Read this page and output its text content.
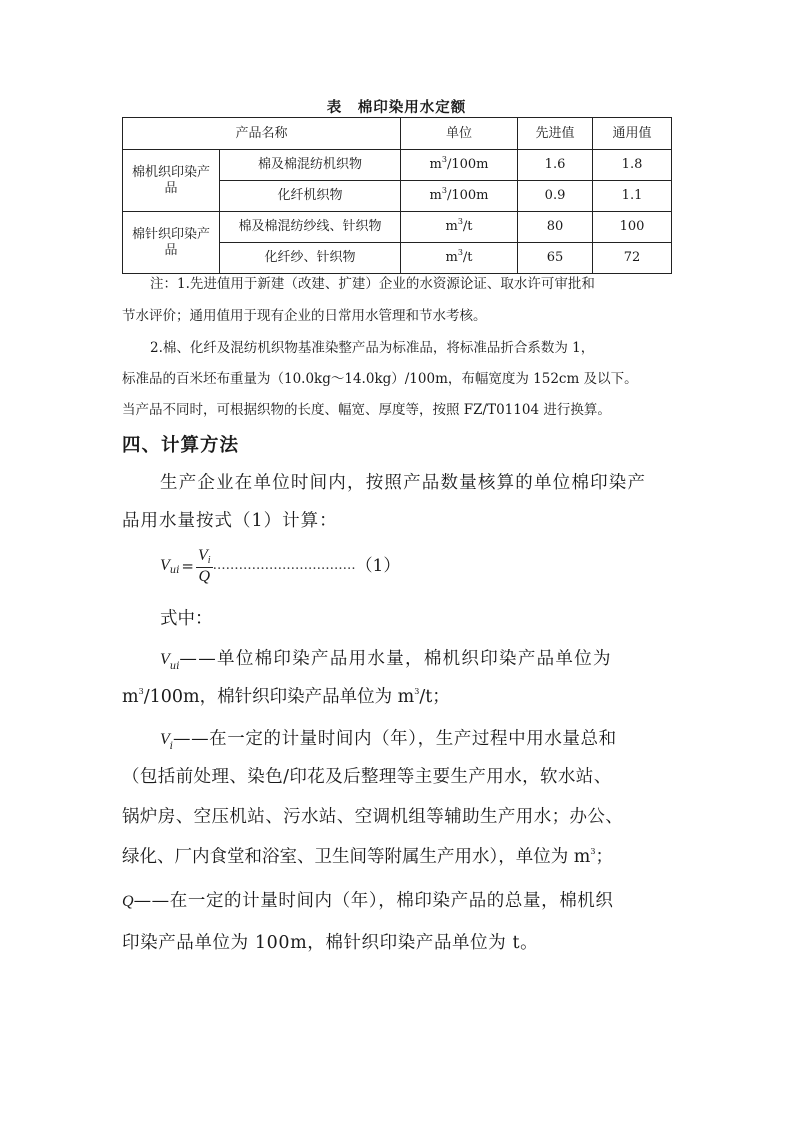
表　棉印染用水定额
产品名称		单位	先进值	通用值
棉机织印染产品	棉及棉混纺机织物	$m^3/100m$	1.6	1.8
	化纤机织物	$m^3/100m$	0.9	1.1
棉针织印染产品	棉及棉混纺纱线、针织物	$m^3/t$	80	100
	化纤纱、针织物	$m^3/t$	65	72
注：1.先进值用于新建（改建、扩建）企业的水资源论证、取水许可审批和
节水评价；通用值用于现有企业的日常用水管理和节水考核。
2.棉、化纤及混纺机织物基准染整产品为标准品，将标准品折合系数为 1，
标准品的百米坯布重量为（10.0kg～14.0kg）/100m，布幅宽度为 152cm 及以下。
当产品不同时，可根据织物的长度、幅宽、厚度等，按照 FZ/T01104 进行换算。
四、计算方法
生产企业在单位时间内，按照产品数量核算的单位棉印染产
品用水量按式（1）计算：
V ui = $\frac{Vi}{Q}$ …………………………… （1）
式中：
$V_{ui}——$单位棉印染产品用水量，棉机织印染产品单位为
$m^3/100m$，棉针织印染产品单位为 $m^3/t$；
$V_i——$在一定的计量时间内（年），生产过程中用水量总和
（包括前处理、染色/印花及后整理等主要生产用水，软水站、
锅炉房、空压机站、污水站、空调机组等辅助生产用水；办公、
绿化、厂内食堂和浴室、卫生间等附属生产用水），单位为 $m^3$；
Q——在一定的计量时间内（年），棉印染产品的总量，棉机织
印染产品单位为 100m，棉针织印染产品单位为 t。
